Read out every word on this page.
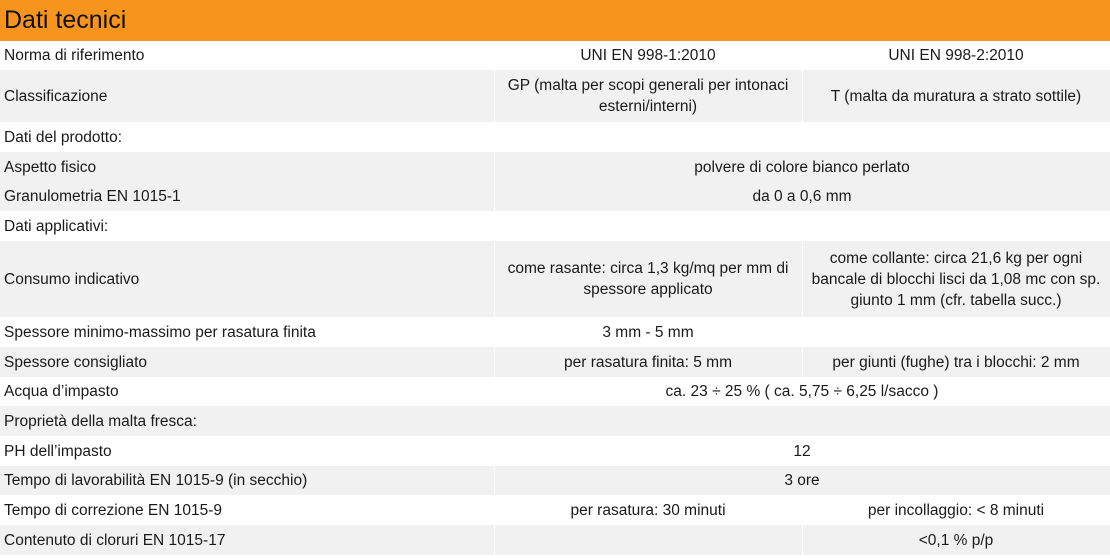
Dati tecnici
Norma di riferimento	UNI EN 998-1:2010	UNI EN 998-2:2010
Classificazione	GP (malta per scopi generali per intonaci esterni/interni)	T (malta da muratura a strato sottile)
Dati del prodotto:		
Aspetto fisico	polvere di colore bianco perlato	
Granulometria EN 1015-1	da 0 a 0,6 mm	
Dati applicativi:		
Consumo indicativo	come rasante: circa 1,3 kg/mq per mm di spessore applicato	come collante: circa 21,6 kg per ogni bancale di blocchi lisci da 1,08 mc con sp. giunto 1 mm (cfr. tabella succ.)
Spessore minimo-massimo per rasatura finita	3 mm - 5 mm	
Spessore consigliato	per rasatura finita: 5 mm	per giunti (fughe) tra i blocchi: 2 mm
Acqua d’impasto	ca. 23 ÷ 25 % ( ca. 5,75 ÷ 6,25 l/sacco )	
Proprietà della malta fresca:		
PH dell’impasto	12	
Tempo di lavorabilità EN 1015-9 (in secchio)	3 ore	
Tempo di correzione EN 1015-9	per rasatura: 30 minuti	per incollaggio: < 8 minuti
Contenuto di cloruri EN 1015-17		<0,1 % p/p
